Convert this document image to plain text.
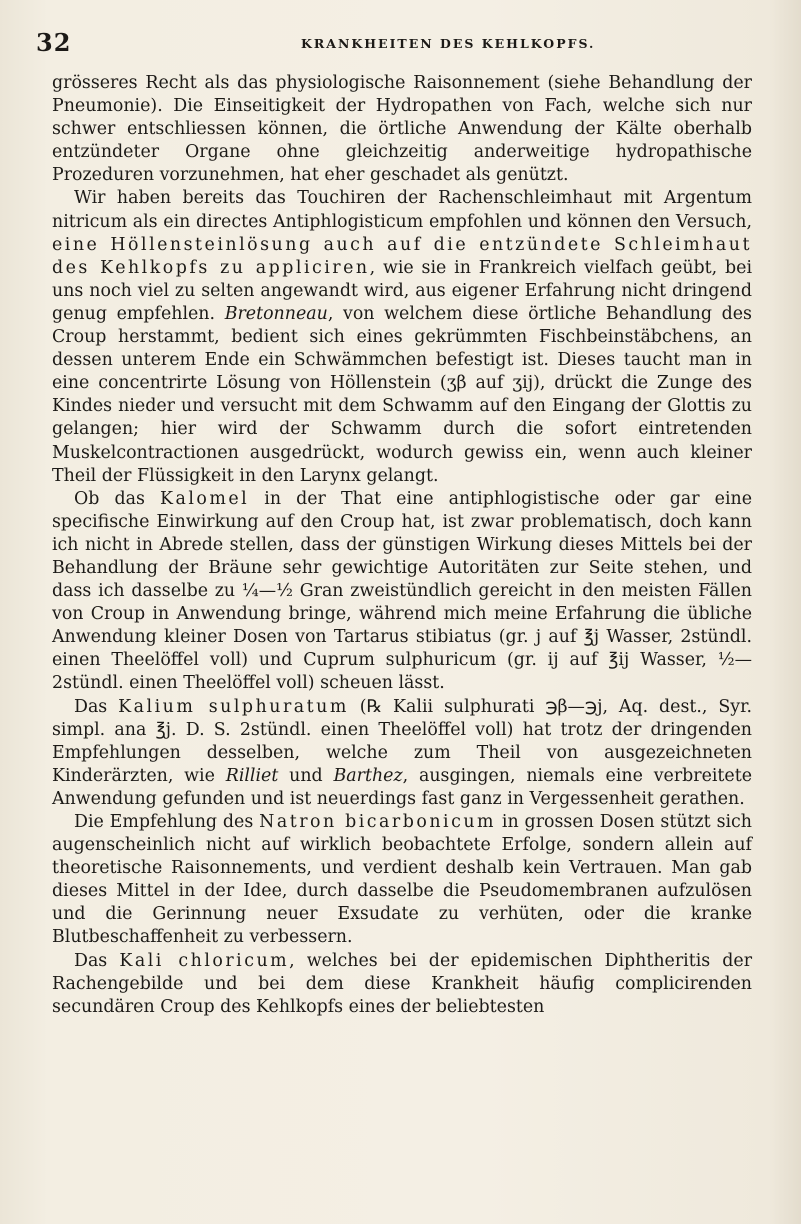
32	KRANKHEITEN DES KEHLKOPFS.

grösseres Recht als das physiologische Raisonnement (siehe Behandlung der Pneumonie). Die Einseitigkeit der Hydropathen von Fach, welche sich nur schwer entschliessen können, die örtliche Anwendung der Kälte oberhalb entzündeter Organe ohne gleichzeitig anderweitige hydropathische Prozeduren vorzunehmen, hat eher geschadet als genützt.

Wir haben bereits das Touchiren der Rachenschleimhaut mit Argentum nitricum als ein directes Antiphlogisticum empfohlen und können den Versuch, eine Höllensteinlösung auch auf die entzündete Schleimhaut des Kehlkopfs zu appliciren, wie sie in Frankreich vielfach geübt, bei uns noch viel zu selten angewandt wird, aus eigener Erfahrung nicht dringend genug empfehlen. Bretonneau, von welchem diese örtliche Behandlung des Croup herstammt, bedient sich eines gekrümmten Fischbeinstäbchens, an dessen unterem Ende ein Schwämmchen befestigt ist. Dieses taucht man in eine concentrirte Lösung von Höllenstein (ʒβ auf ʒij), drückt die Zunge des Kindes nieder und versucht mit dem Schwamm auf den Eingang der Glottis zu gelangen; hier wird der Schwamm durch die sofort eintretenden Muskelcontractionen ausgedrückt, wodurch gewiss ein, wenn auch kleiner Theil der Flüssigkeit in den Larynx gelangt.

Ob das Kalomel in der That eine antiphlogistische oder gar eine specifische Einwirkung auf den Croup hat, ist zwar problematisch, doch kann ich nicht in Abrede stellen, dass der günstigen Wirkung dieses Mittels bei der Behandlung der Bräune sehr gewichtige Autoritäten zur Seite stehen, und dass ich dasselbe zu ¼—½ Gran zweistündlich gereicht in den meisten Fällen von Croup in Anwendung bringe, während mich meine Erfahrung die übliche Anwendung kleiner Dosen von Tartarus stibiatus (gr. j auf ℥j Wasser, 2stündl. einen Theelöffel voll) und Cuprum sulphuricum (gr. ij auf ℥ij Wasser, ½—2stündl. einen Theelöffel voll) scheuen lässt.

Das Kalium sulphuratum (℞ Kalii sulphurati ℈β—℈j, Aq. dest., Syr. simpl. ana ℥j. D. S. 2stündl. einen Theelöffel voll) hat trotz der dringenden Empfehlungen desselben, welche zum Theil von ausgezeichneten Kinderärzten, wie Rilliet und Barthez, ausgingen, niemals eine verbreitete Anwendung gefunden und ist neuerdings fast ganz in Vergessenheit gerathen.

Die Empfehlung des Natron bicarbonicum in grossen Dosen stützt sich augenscheinlich nicht auf wirklich beobachtete Erfolge, sondern allein auf theoretische Raisonnements, und verdient deshalb kein Vertrauen. Man gab dieses Mittel in der Idee, durch dasselbe die Pseudomembranen aufzulösen und die Gerinnung neuer Exsudate zu verhüten, oder die kranke Blutbeschaffenheit zu verbessern.

Das Kali chloricum, welches bei der epidemischen Diphtheritis der Rachengebilde und bei dem diese Krankheit häufig complicirenden secundären Croup des Kehlkopfs eines der beliebtesten
